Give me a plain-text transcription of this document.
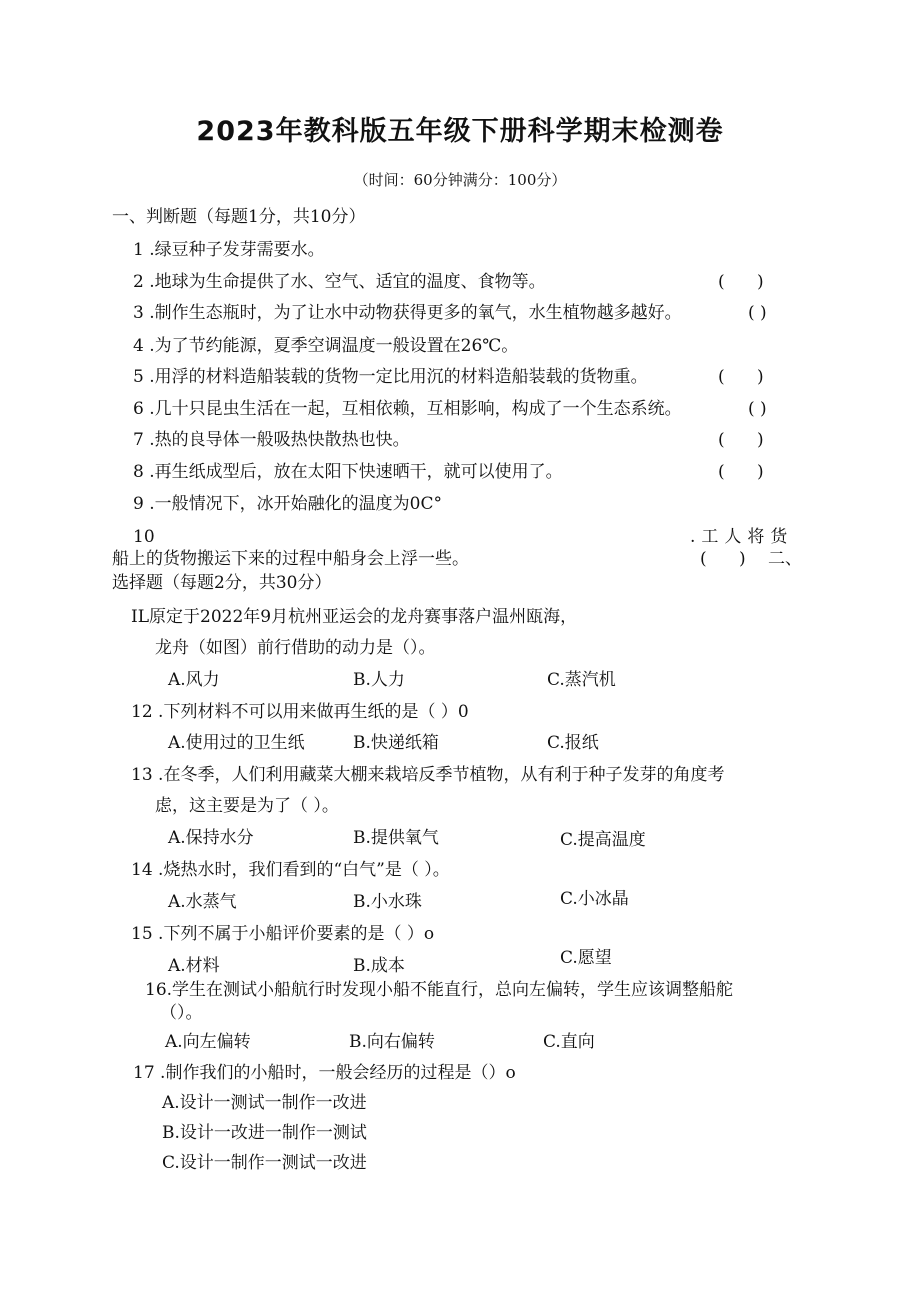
2023年教科版五年级下册科学期末检测卷
（时间：60分钟满分：100分）
一、判断题（每题1分，共10分）
1 .绿豆种子发芽需要水。
2 .地球为生命提供了水、空气、适宜的温度、食物等。	(      )
3 .制作生态瓶时，为了让水中动物获得更多的氧气，水生植物越多越好。	( )
4 .为了节约能源，夏季空调温度一般设置在26℃。
5 .用浮的材料造船装载的货物一定比用沉的材料造船装载的货物重。	(      )
6 .几十只昆虫生活在一起，互相依赖，互相影响，构成了一个生态系统。	( )
7 .热的良导体一般吸热快散热也快。	(      )
8 .再生纸成型后，放在太阳下快速晒干，就可以使用了。	(      )
9 .一般情况下，冰开始融化的温度为0C°
10	.工人将货
船上的货物搬运下来的过程中船身会上浮一些。	(      ) 二、
选择题（每题2分，共30分）
IL原定于2022年9月杭州亚运会的龙舟赛事落户温州瓯海，
龙舟（如图）前行借助的动力是（）。
A.风力	B.人力	C.蒸汽机
12 .下列材料不可以用来做再生纸的是（ ）0
A.使用过的卫生纸	B.快递纸箱	C.报纸
13 .在冬季，人们利用藏菜大棚来栽培反季节植物，从有利于种子发芽的角度考
虑，这主要是为了（ ）。
A.保持水分	B.提供氧气	C.提高温度
14 .烧热水时，我们看到的“白气”是（ ）。
A.水蒸气	B.小水珠	C.小冰晶
15 .下列不属于小船评价要素的是（ ）o
A.材料	B.成本	C.愿望
16.学生在测试小船航行时发现小船不能直行，总向左偏转，学生应该调整船舵
（）。
A.向左偏转	B.向右偏转	C.直向
17 .制作我们的小船时，一般会经历的过程是（）o
A.设计一测试一制作一改进
B.设计一改进一制作一测试
C.设计一制作一测试一改进
